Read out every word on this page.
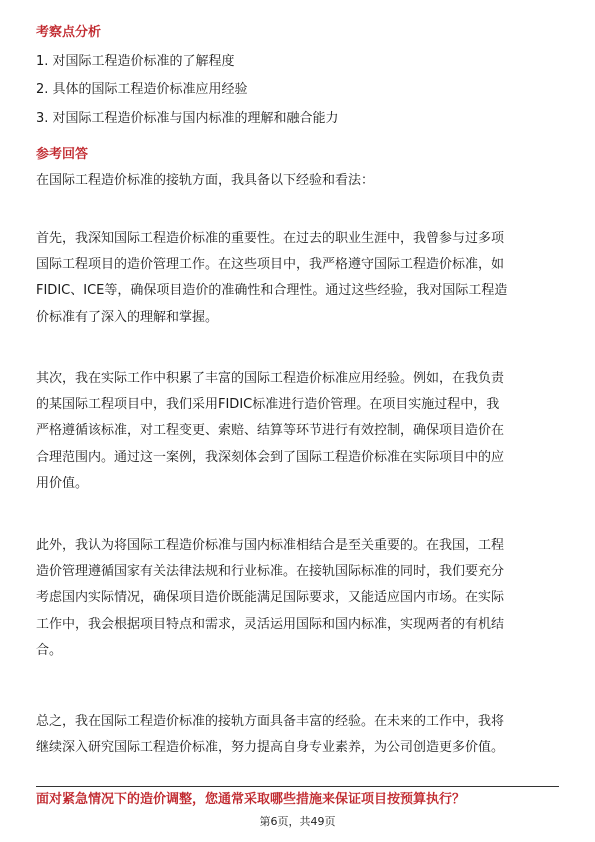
考察点分析
1. 对国际工程造价标准的了解程度
2. 具体的国际工程造价标准应用经验
3. 对国际工程造价标准与国内标准的理解和融合能力
参考回答
在国际工程造价标准的接轨方面，我具备以下经验和看法：
首先，我深知国际工程造价标准的重要性。在过去的职业生涯中，我曾参与过多项
国际工程项目的造价管理工作。在这些项目中，我严格遵守国际工程造价标准，如
FIDIC、ICE等，确保项目造价的准确性和合理性。通过这些经验，我对国际工程造
价标准有了深入的理解和掌握。
其次，我在实际工作中积累了丰富的国际工程造价标准应用经验。例如，在我负责
的某国际工程项目中，我们采用FIDIC标准进行造价管理。在项目实施过程中，我
严格遵循该标准，对工程变更、索赔、结算等环节进行有效控制，确保项目造价在
合理范围内。通过这一案例，我深刻体会到了国际工程造价标准在实际项目中的应
用价值。
此外，我认为将国际工程造价标准与国内标准相结合是至关重要的。在我国，工程
造价管理遵循国家有关法律法规和行业标准。在接轨国际标准的同时，我们要充分
考虑国内实际情况，确保项目造价既能满足国际要求，又能适应国内市场。在实际
工作中，我会根据项目特点和需求，灵活运用国际和国内标准，实现两者的有机结
合。
总之，我在国际工程造价标准的接轨方面具备丰富的经验。在未来的工作中，我将
继续深入研究国际工程造价标准，努力提高自身专业素养，为公司创造更多价值。
面对紧急情况下的造价调整，您通常采取哪些措施来保证项目按预算执行？
第6页，共49页
